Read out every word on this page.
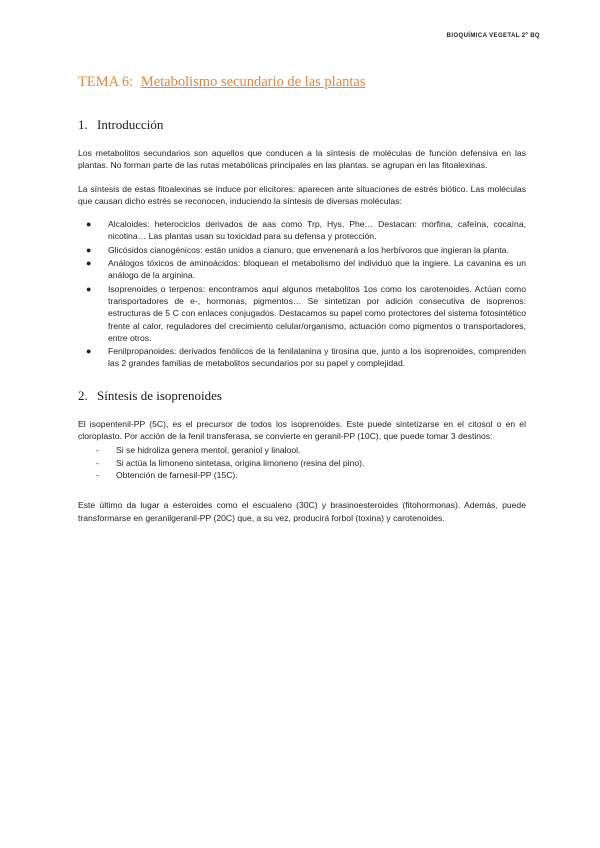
BIOQUÍMICA VEGETAL 2º BQ
TEMA 6: Metabolismo secundario de las plantas
1. Introducción

Los metabolitos secundarios son aquellos que conducen a la síntesis de moléculas de función defensiva en las plantas. No forman parte de las rutas metabólicas principales en las plantas. se agrupan en las fitoalexinas.

La síntesis de estas fitoalexinas se induce por elicitores: aparecen ante situaciones de estrés biótico. Las moléculas que causan dicho estrés se reconocen, induciendo la síntesis de diversas moléculas:

● Alcaloides: heterociclos derivados de aas como Trp, Hys, Phe… Destacan: morfina, cafeína, cocaína, nicotina… Las plantas usan su toxicidad para su defensa y protección.
● Glicósidos cianogénicos: están unidos a cianuro, que envenenará a los herbívoros que ingieran la planta.
● Análogos tóxicos de aminoácidos: bloquean el metabolismo del individuo que la ingiere. La cavanina es un análogo de la arginina.
● Isoprenoides o terpenos: encontramos aquí algunos metabolitos 1os como los carotenoides. Actúan como transportadores de e-, hormonas, pigmentos… Se sintetizan por adición consecutiva de isoprenos: estructuras de 5 C con enlaces conjugados. Destacamos su papel como protectores del sistema fotosintético frente al calor, reguladores del crecimiento celular/organismo, actuación como pigmentos o transportadores, entre otros.
● Fenilpropanoides: derivados fenólicos de la fenilalanina y tirosina que, junto a los isoprenoides, comprenden las 2 grandes familias de metabolitos secundarios por su papel y complejidad.
2. Síntesis de isoprenoides

El isopentenil-PP (5C), es el precursor de todos los isoprenoides. Este puede sintetizarse en el citosol o en el cloroplasto. Por acción de la fenil transferasa, se convierte en geranil-PP (10C), que puede tomar 3 destinos:

- Si se hidroliza genera mentol, geraniol y linalool.
- Si actúa la limoneno sintetasa, origina limoneno (resina del pino).
- Obtención de farnesil-PP (15C).

Este último da lugar a esteroides como el escualeno (30C) y brasinoesteroides (fitohormonas). Además, puede transformarse en geranilgeranil-PP (20C) que, a su vez, producirá forbol (toxina) y carotenoides.
